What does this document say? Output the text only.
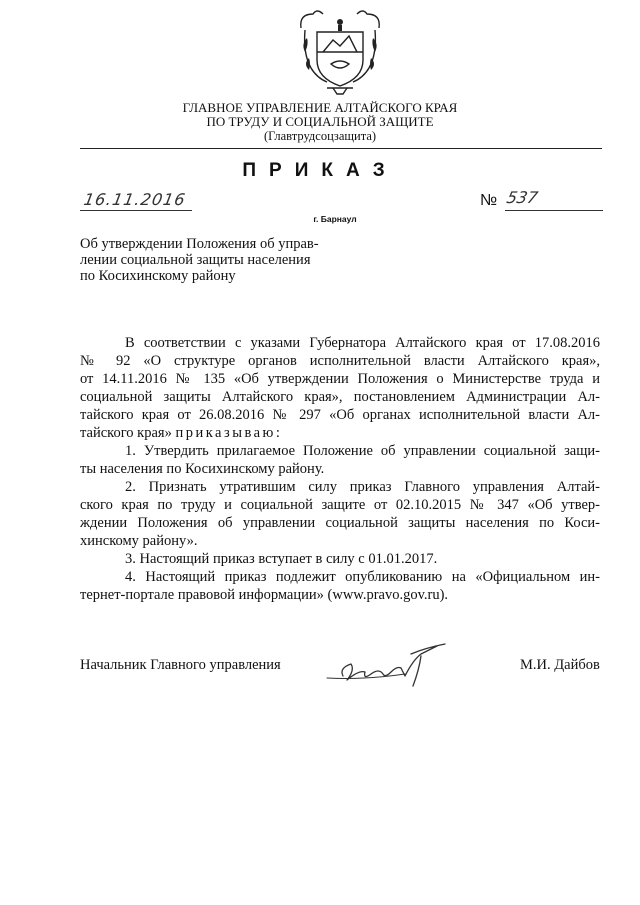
ГЛАВНОЕ УПРАВЛЕНИЕ АЛТАЙСКОГО КРАЯ
ПО ТРУДУ И СОЦИАЛЬНОЙ ЗАЩИТЕ
(Главтрудсоцзащита)
ПРИКАЗ
16.11.2016	№ 537
г. Барнаул
Об утверждении Положения об управ-
лении социальной защиты населения
по Косихинскому району
В соответствии с указами Губернатора Алтайского края от 17.08.2016
№ 92 «О структуре органов исполнительной власти Алтайского края»,
от 14.11.2016 № 135 «Об утверждении Положения о Министерстве труда и
социальной защиты Алтайского края», постановлением Администрации Ал-
тайского края от 26.08.2016 № 297 «Об органах исполнительной власти Ал-
тайского края» приказываю:
1. Утвердить прилагаемое Положение об управлении социальной защи-
ты населения по Косихинскому району.
2. Признать утратившим силу приказ Главного управления Алтай-
ского края по труду и социальной защите от 02.10.2015 № 347 «Об утвер-
ждении Положения об управлении социальной защиты населения по Коси-
хинскому району».
3. Настоящий приказ вступает в силу с 01.01.2017.
4. Настоящий приказ подлежит опубликованию на «Официальном ин-
тернет-портале правовой информации» (www.pravo.gov.ru).
Начальник Главного управления	М.И. Дайбов
